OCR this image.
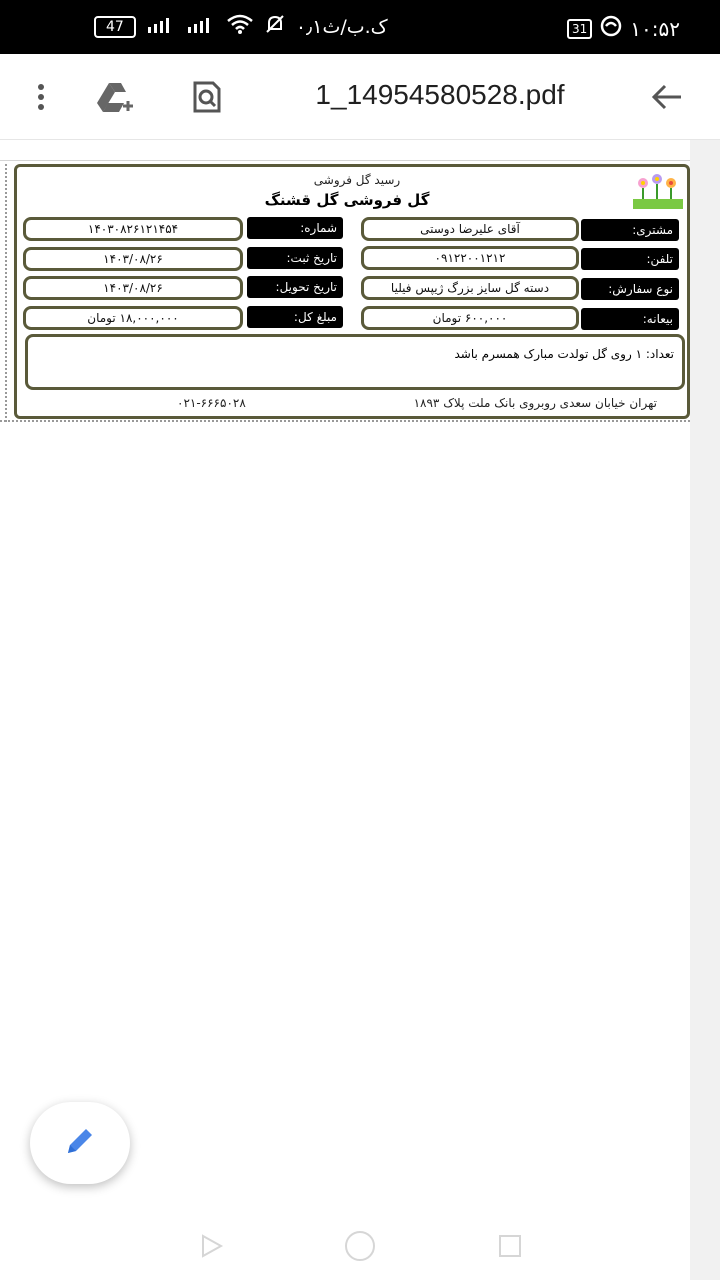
47	۰٫۱ک.ب/ث	31 ۱۰:۵۲
1_14954580528.pdf
رسید گل فروشی
گل فروشی گل قشنگ
مشتری:
آقای علیرضا دوستی
تلفن:
۰۹۱۲۲۰۰۱۲۱۲
نوع سفارش:
دسته گل سایز بزرگ ژیپس فیلیا
بیعانه:
۶۰۰,۰۰۰ تومان
شماره:
۱۴۰۳۰۸۲۶۱۲۱۴۵۴
تاریخ ثبت:
۱۴۰۳/۰۸/۲۶
تاریخ تحویل:
۱۴۰۳/۰۸/۲۶
مبلغ کل:
۱۸,۰۰۰,۰۰۰ تومان
تعداد: ۱ روی گل تولدت مبارک همسرم باشد
تهران خیابان سعدی روبروی بانک ملت پلاک ۱۸۹۳
۰۲۱-۶۶۶۵۰۲۸
